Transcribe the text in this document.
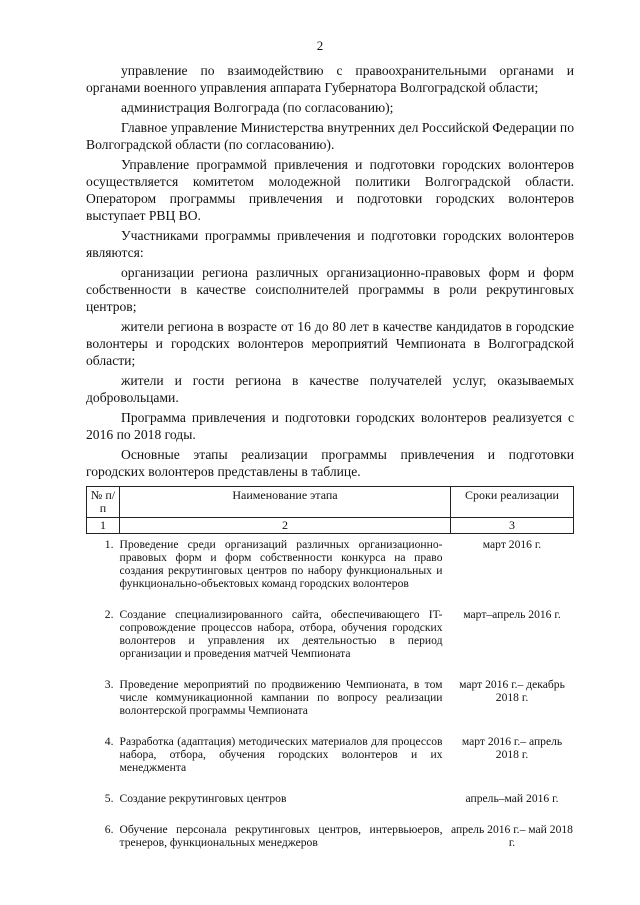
2

управление по взаимодействию с правоохранительными органами и органами военного управления аппарата Губернатора Волгоградской области;

администрация Волгограда (по согласованию);

Главное управление Министерства внутренних дел Российской Федерации по Волгоградской области (по согласованию).

Управление программой привлечения и подготовки городских волонтеров осуществляется комитетом молодежной политики Волгоградской области. Оператором программы привлечения и подготовки городских волонтеров выступает РВЦ ВО.

Участниками программы привлечения и подготовки городских волонтеров являются:

организации региона различных организационно-правовых форм и форм собственности в качестве соисполнителей программы в роли рекрутинговых центров;

жители региона в возрасте от 16 до 80 лет в качестве кандидатов в городские волонтеры и городских волонтеров мероприятий Чемпионата в Волгоградской области;

жители и гости региона в качестве получателей услуг, оказываемых добровольцами.

Программа привлечения и подготовки городских волонтеров реализуется с 2016 по 2018 годы.

Основные этапы реализации программы привлечения и подготовки городских волонтеров представлены в таблице.

№ п/п	Наименование этапа	Сроки реализации
1	2	3
1.	Проведение среди организаций различных организационно-правовых форм и форм собственности конкурса на право создания рекрутинговых центров по набору функциональных и функционально-объектовых команд городских волонтеров	март 2016 г.
2.	Создание специализированного сайта, обеспечивающего IT-сопровождение процессов набора, отбора, обучения городских волонтеров и управления их деятельностью в период организации и проведения матчей Чемпионата	март–апрель 2016 г.
3.	Проведение мероприятий по продвижению Чемпионата, в том числе коммуникационной кампании по вопросу реализации волонтерской программы Чемпионата	март 2016 г.– декабрь 2018 г.
4.	Разработка (адаптация) методических материалов для процессов набора, отбора, обучения городских волонтеров и их менеджмента	март 2016 г.– апрель 2018 г.
5.	Создание рекрутинговых центров	апрель–май 2016 г.
6.	Обучение персонала рекрутинговых центров, интервьюеров, тренеров, функциональных менеджеров	апрель 2016 г.– май 2018 г.
